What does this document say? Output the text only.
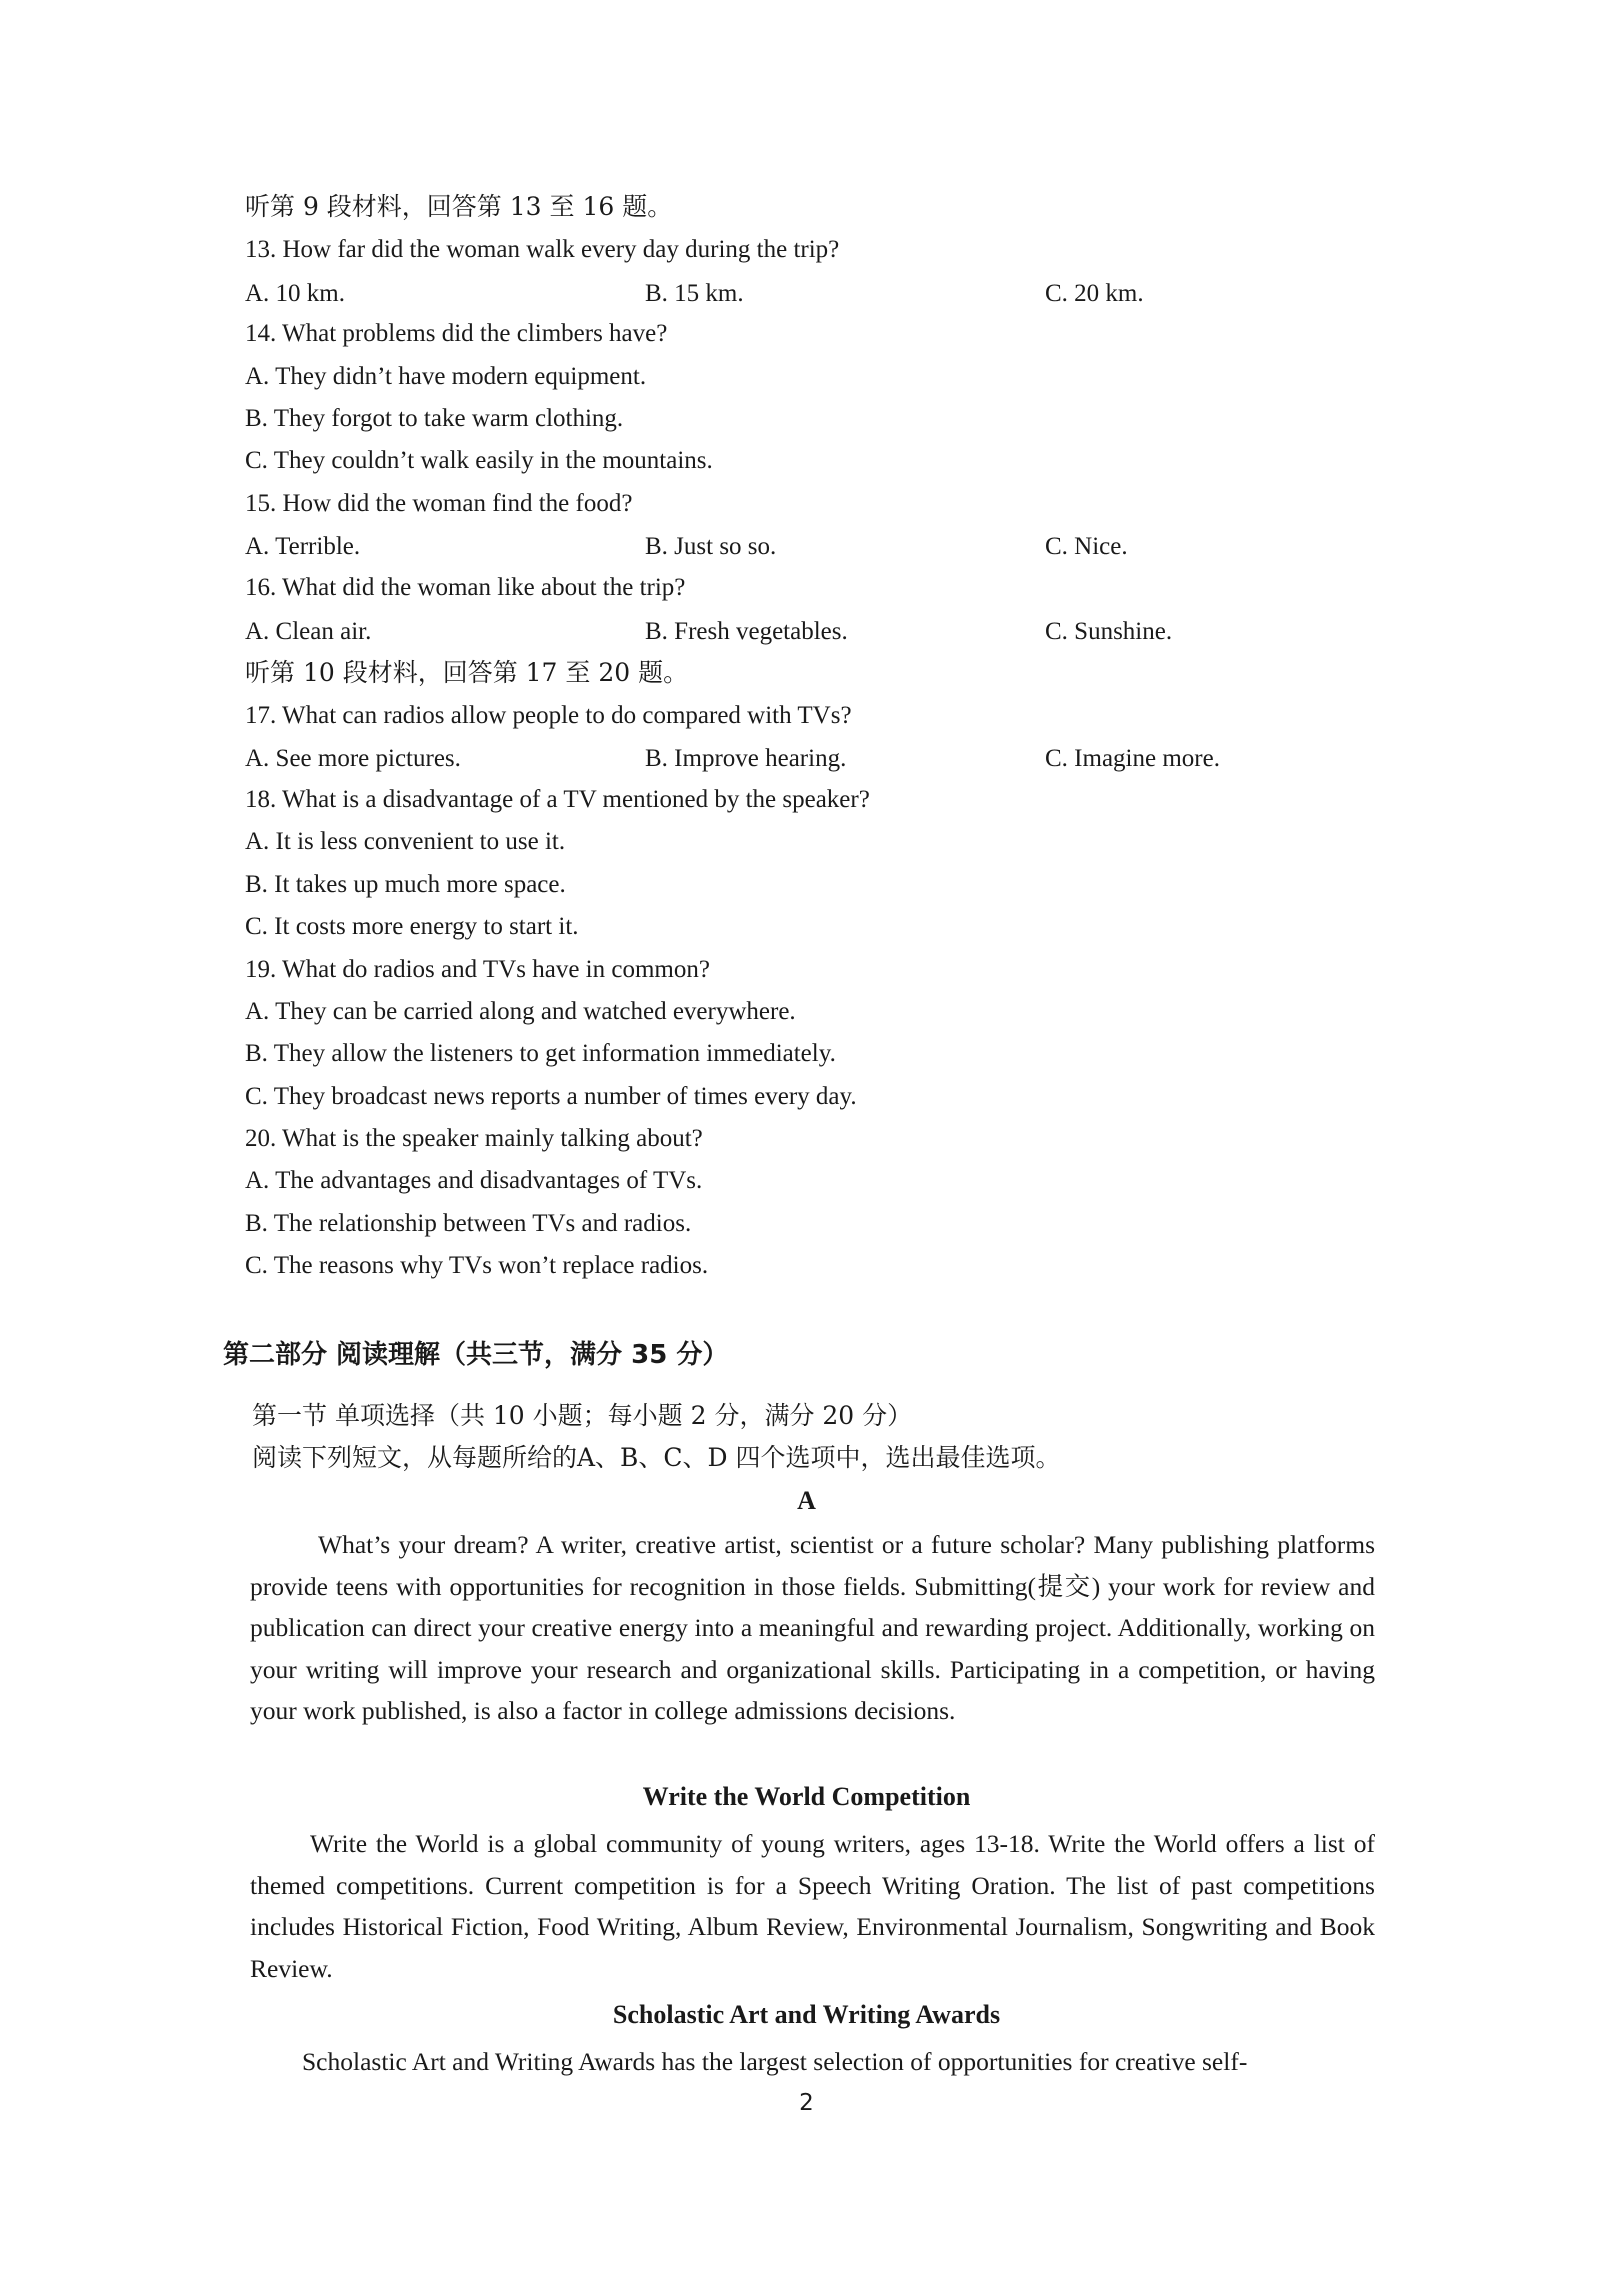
听第 9 段材料，回答第 13 至 16 题。
13. How far did the woman walk every day during the trip?
A. 10 km.	B. 15 km.	C. 20 km.
14. What problems did the climbers have?
A. They didn’t have modern equipment.
B. They forgot to take warm clothing.
C. They couldn’t walk easily in the mountains.
15. How did the woman find the food?
A. Terrible.	B. Just so so.	C. Nice.
16. What did the woman like about the trip?
A. Clean air.	B. Fresh vegetables.	C. Sunshine.
听第 10 段材料，回答第 17 至 20 题。
17. What can radios allow people to do compared with TVs?
A. See more pictures.	B. Improve hearing.	C. Imagine more.
18. What is a disadvantage of a TV mentioned by the speaker?
A. It is less convenient to use it.
B. It takes up much more space.
C. It costs more energy to start it.
19. What do radios and TVs have in common?
A. They can be carried along and watched everywhere.
B. They allow the listeners to get information immediately.
C. They broadcast news reports a number of times every day.
20. What is the speaker mainly talking about?
A. The advantages and disadvantages of TVs.
B. The relationship between TVs and radios.
C. The reasons why TVs won’t replace radios.
第二部分 阅读理解（共三节，满分 35 分）
第一节 单项选择（共 10 小题；每小题 2 分，满分 20 分）
阅读下列短文，从每题所给的A、B、C、D 四个选项中，选出最佳选项。
A
What’s your dream? A writer, creative artist, scientist or a future scholar? Many publishing platforms provide teens with opportunities for recognition in those fields. Submitting(提交) your work for review and publication can direct your creative energy into a meaningful and rewarding project. Additionally, working on your writing will improve your research and organizational skills. Participating in a competition, or having your work published, is also a factor in college admissions decisions.
Write the World Competition
Write the World is a global community of young writers, ages 13-18. Write the World offers a list of themed competitions. Current competition is for a Speech Writing Oration. The list of past competitions includes Historical Fiction, Food Writing, Album Review, Environmental Journalism, Songwriting and Book Review.
Scholastic Art and Writing Awards
Scholastic Art and Writing Awards has the largest selection of opportunities for creative self-
2
